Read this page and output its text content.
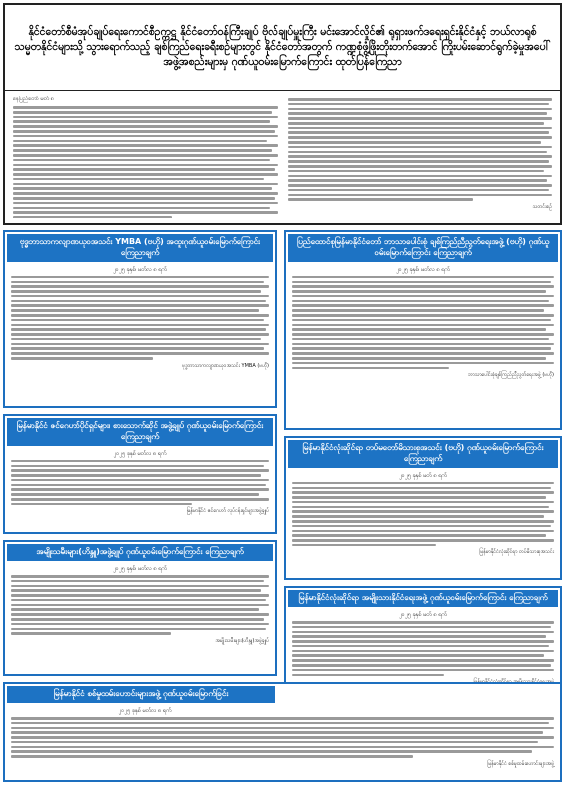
နိုင်ငံတော်စီမံအုပ်ချုပ်ရေးကောင်စီဥက္ကဋ္ဌ နိုင်ငံတော်ဝန်ကြီးချုပ် ဗိုလ်ချုပ်မှူးကြီး မင်းအောင်လှိုင်၏ ရုရှားဖက်ဒရေးရှင်းနိုင်ငံနှင့် ဘယ်လာရုစ်သမ္မတနိုင်ငံများသို့ သွားရောက်သည့် ချစ်ကြည်ရေးခရီးစဉ်များတွင် နိုင်ငံတော်အတွက် ကဏ္ဍစုံဖွံ့ဖြိုးတိုးတက်အောင် ကြိုးပမ်းဆောင်ရွက်ခဲ့မှုအပေါ် အဖွဲ့အစည်းများမှ ဂုဏ်ယူဝမ်းမြောက်ကြောင်း ထုတ်ပြန်ကြေညာ
နေပြည်တော် မတ် ၈
သတင်းစဉ်
ဗုဒ္ဓဘာသာကလျာဏယုဝအသင်း YMBA (ဗဟို) အထူးဂုဏ်ယူဝမ်းမြောက်ကြောင်း ကြေညာချက်
၂၀၂၅ ခုနှစ်၊ မတ်လ ၈ ရက်
ဗုဒ္ဓဘာသာကလျာဏယုဝအသင်း YMBA (ဗဟို)
ပြည်ထောင်စုမြန်မာနိုင်ငံတော် ဘာသာပေါင်းစုံ ချစ်ကြည်ညီညွတ်ရေးအဖွဲ့ (ဗဟို) ဂုဏ်ယူဝမ်းမြောက်ကြောင်း ကြေညာချက်
၂၀၂၅ ခုနှစ်၊ မတ်လ ၈ ရက်
ဘာသာပေါင်းစုံချစ်ကြည်ညီညွတ်ရေးအဖွဲ့ (ဗဟို)
မြန်မာနိုင်ငံ ဇင်ဂေဟာ်ပိုင်ရှင်များ၊ စားသောက်ဆိုင် အဖွဲ့ချုပ် ဂုဏ်ယူဝမ်းမြောက်ကြောင်း ကြေညာချက်
၂၀၂၅ ခုနှစ် မတ်လ ၈ ရက်
မြန်မာနိုင်ငံ ဇင်ဂေဟာ် လုပ်ငန်းရှင်များအဖွဲ့ချုပ်
မြန်မာနိုင်ငံလုံးဆိုင်ရာ တပ်မတော်မိသားစုအသင်း (ဗဟို) ဂုဏ်ယူဝမ်းမြောက်ကြောင်း ကြေညာချက်
၂၀၂၅ ခုနှစ် မတ် ၈ ရက်
မြန်မာနိုင်ငံလုံးဆိုင်ရာ တပ်မိသားစုအသင်း
အမျိုးသမီးများ(ဟိန္ဒူ)အဖွဲ့ချုပ် ဂုဏ်ယူဝမ်းမြောက်ကြောင်း ကြေညာချက်
၂၀၂၅ ခုနှစ်၊ မတ်လ ၈ ရက်
အမျိုးသမီးများ(ဟိန္ဒူ)အဖွဲ့ချုပ်
မြန်မာနိုင်ငံလုံးဆိုင်ရာ အမျိုးသားနိုင်ငံရေးအဖွဲ့ ဂုဏ်ယူဝမ်းမြောက်ကြောင်း ကြေညာချက်
၂၀၂၅ ခုနှစ် မတ် ၈ ရက်
မြန်မာနိုင်ငံ စစ်မှုထမ်းဟောင်းများအဖွဲ့ ဂုဏ်ယူဝမ်းမြောက်ခြင်း
၂၀၂၅ ခုနှစ် မတ်လ ၈ ရက်
မြန်မာနိုင်ငံ စစ်မှုထမ်းဟောင်းများအဖွဲ့
